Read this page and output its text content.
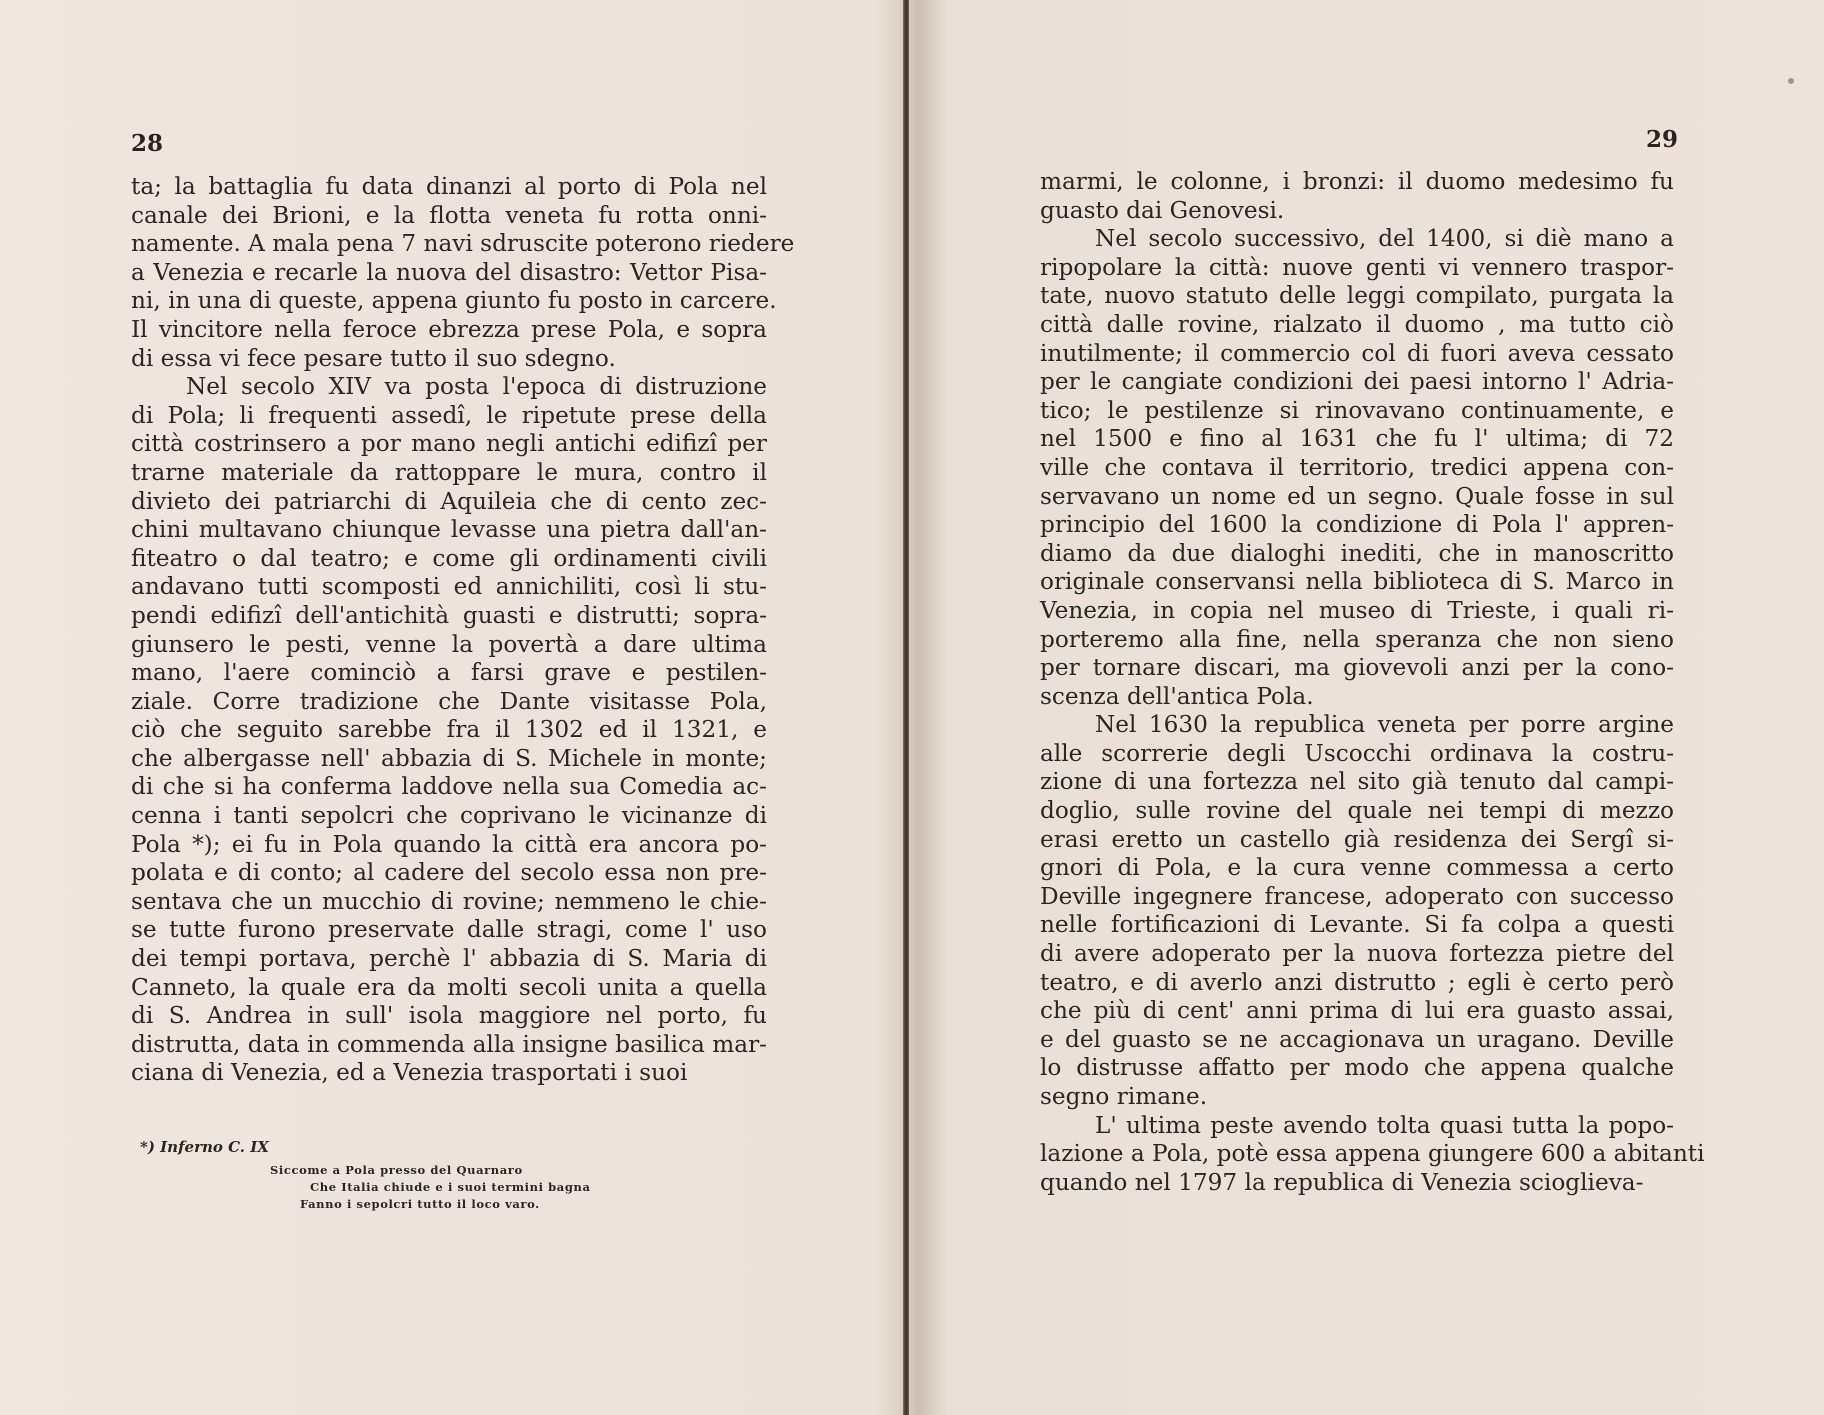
28
ta; la battaglia fu data dinanzi al porto di Pola nel
canale dei Brioni, e la flotta veneta fu rotta onni-
namente. A mala pena 7 navi sdruscite poterono riedere
a Venezia e recarle la nuova del disastro: Vettor Pisa-
ni, in una di queste, appena giunto fu posto in carcere.
Il vincitore nella feroce ebrezza prese Pola, e sopra
di essa vi fece pesare tutto il suo sdegno.
Nel secolo XIV va posta l'epoca di distruzione
di Pola; li frequenti assedî, le ripetute prese della
città costrinsero a por mano negli antichi edifizî per
trarne materiale da rattoppare le mura, contro il
divieto dei patriarchi di Aquileia che di cento zec-
chini multavano chiunque levasse una pietra dall'an-
fiteatro o dal teatro; e come gli ordinamenti civili
andavano tutti scomposti ed annichiliti, così li stu-
pendi edifizî dell'antichità guasti e distrutti; sopra-
giunsero le pesti, venne la povertà a dare ultima
mano, l'aere cominciò a farsi grave e pestilen-
ziale. Corre tradizione che Dante visitasse Pola,
ciò che seguito sarebbe fra il 1302 ed il 1321, e
che albergasse nell' abbazia di S. Michele in monte;
di che si ha conferma laddove nella sua Comedia ac-
cenna i tanti sepolcri che coprivano le vicinanze di
Pola *); ei fu in Pola quando la città era ancora po-
polata e di conto; al cadere del secolo essa non pre-
sentava che un mucchio di rovine; nemmeno le chie-
se tutte furono preservate dalle stragi, come l' uso
dei tempi portava, perchè l' abbazia di S. Maria di
Canneto, la quale era da molti secoli unita a quella
di S. Andrea in sull' isola maggiore nel porto, fu
distrutta, data in commenda alla insigne basilica mar-
ciana di Venezia, ed a Venezia trasportati i suoi
*) Inferno C. IX

Siccome a Pola presso del Quarnaro

Che Italia chiude e i suoi termini bagna

Fanno i sepolcri tutto il loco varo.

29
marmi, le colonne, i bronzi: il duomo medesimo fu
guasto dai Genovesi.
Nel secolo successivo, del 1400, si diè mano a
ripopolare la città: nuove genti vi vennero traspor-
tate, nuovo statuto delle leggi compilato, purgata la
città dalle rovine, rialzato il duomo , ma tutto ciò
inutilmente; il commercio col di fuori aveva cessato
per le cangiate condizioni dei paesi intorno l' Adria-
tico; le pestilenze si rinovavano continuamente, e
nel 1500 e fino al 1631 che fu l' ultima; di 72
ville che contava il territorio, tredici appena con-
servavano un nome ed un segno. Quale fosse in sul
principio del 1600 la condizione di Pola l' appren-
diamo da due dialoghi inediti, che in manoscritto
originale conservansi nella biblioteca di S. Marco in
Venezia, in copia nel museo di Trieste, i quali ri-
porteremo alla fine, nella speranza che non sieno
per tornare discari, ma giovevoli anzi per la cono-
scenza dell'antica Pola.
Nel 1630 la republica veneta per porre argine
alle scorrerie degli Uscocchi ordinava la costru-
zione di una fortezza nel sito già tenuto dal campi-
doglio, sulle rovine del quale nei tempi di mezzo
erasi eretto un castello già residenza dei Sergî si-
gnori di Pola, e la cura venne commessa a certo
Deville ingegnere francese, adoperato con successo
nelle fortificazioni di Levante. Si fa colpa a questi
di avere adoperato per la nuova fortezza pietre del
teatro, e di averlo anzi distrutto ; egli è certo però
che più di cent' anni prima di lui era guasto assai,
e del guasto se ne accagionava un uragano. Deville
lo distrusse affatto per modo che appena qualche
segno rimane.
L' ultima peste avendo tolta quasi tutta la popo-
lazione a Pola, potè essa appena giungere 600 a abitanti
quando nel 1797 la republica di Venezia scioglieva-
